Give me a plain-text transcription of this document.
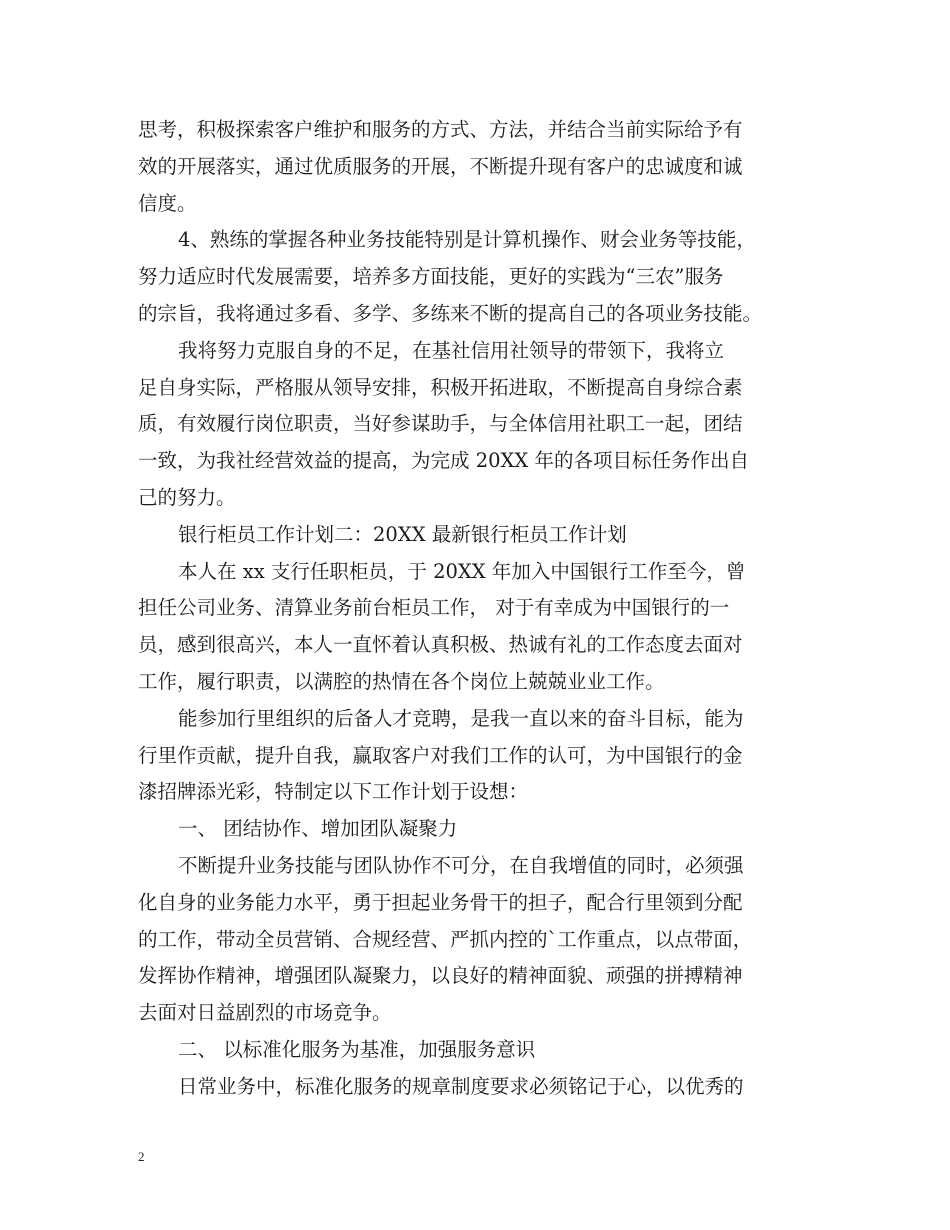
思考，积极探索客户维护和服务的方式、方法，并结合当前实际给予有
效的开展落实，通过优质服务的开展，不断提升现有客户的忠诚度和诚
信度。
4、熟练的掌握各种业务技能特别是计算机操作、财会业务等技能，
努力适应时代发展需要，培养多方面技能，更好的实践为“三农”服务
的宗旨，我将通过多看、多学、多练来不断的提高自己的各项业务技能。
我将努力克服自身的不足，在基社信用社领导的带领下，我将立
足自身实际，严格服从领导安排，积极开拓进取，不断提高自身综合素
质，有效履行岗位职责，当好参谋助手，与全体信用社职工一起，团结
一致，为我社经营效益的提高，为完成 20XX 年的各项目标任务作出自
己的努力。
银行柜员工作计划二：20XX 最新银行柜员工作计划
本人在 xx 支行任职柜员，于 20XX 年加入中国银行工作至今，曾
担任公司业务、清算业务前台柜员工作， 对于有幸成为中国银行的一
员，感到很高兴，本人一直怀着认真积极、热诚有礼的工作态度去面对
工作，履行职责，以满腔的热情在各个岗位上兢兢业业工作。
能参加行里组织的后备人才竞聘，是我一直以来的奋斗目标，能为
行里作贡献，提升自我，赢取客户对我们工作的认可，为中国银行的金
漆招牌添光彩，特制定以下工作计划于设想：
一、 团结协作、增加团队凝聚力
不断提升业务技能与团队协作不可分，在自我增值的同时，必须强
化自身的业务能力水平，勇于担起业务骨干的担子，配合行里领到分配
的工作，带动全员营销、合规经营、严抓内控的`工作重点，以点带面，
发挥协作精神，增强团队凝聚力，以良好的精神面貌、顽强的拼搏精神
去面对日益剧烈的市场竞争。
二、 以标准化服务为基准，加强服务意识
日常业务中，标准化服务的规章制度要求必须铭记于心，以优秀的
2
